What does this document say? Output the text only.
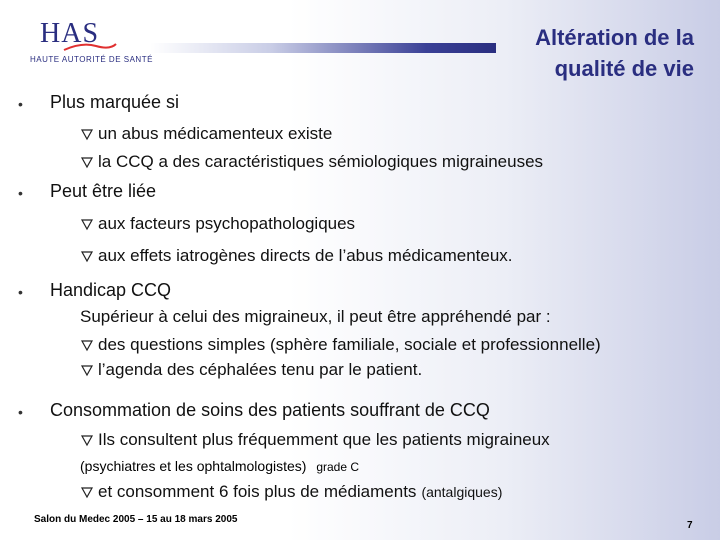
HAS
HAUTE AUTORITÉ DE SANTÉ
Altération de la
qualité de vie
• Plus marquée si
un abus médicamenteux existe
la CCQ a des caractéristiques sémiologiques migraineuses
• Peut être liée
aux facteurs psychopathologiques
aux effets iatrogènes directs de l’abus médicamenteux.
• Handicap CCQ
Supérieur à celui des migraineux, il peut être appréhendé par :
des questions simples (sphère familiale, sociale et professionnelle)
l’agenda des céphalées tenu par le patient.
• Consommation de soins des patients souffrant de CCQ
Ils consultent plus fréquemment que les patients migraineux
(psychiatres et les ophtalmologistes) grade C
et consomment 6 fois plus de médiaments (antalgiques)
Salon du Medec 2005 – 15 au 18 mars 2005
7
